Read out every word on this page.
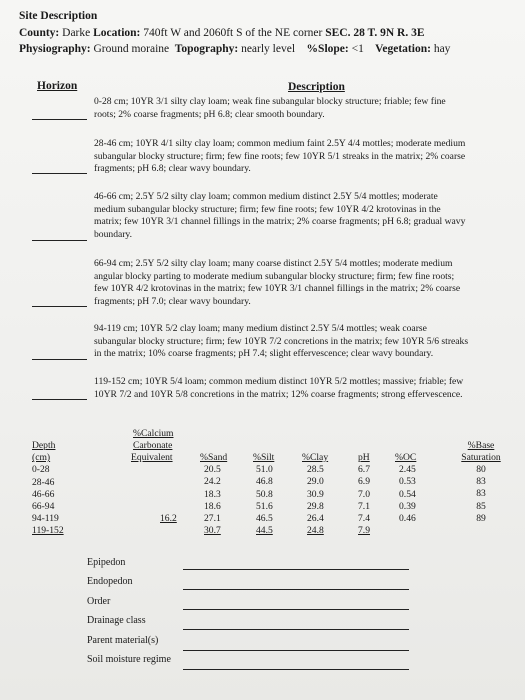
Site Description
County: Darke Location: 740ft W and 2060ft S of the NE corner SEC. 28 T. 9N R. 3E
Physiography: Ground moraine Topography: nearly level %Slope: <1 Vegetation: hay
Horizon	Description
0-28 cm; 10YR 3/1 silty clay loam; weak fine subangular blocky structure; friable; few fine
roots; 2% coarse fragments; pH 6.8; clear smooth boundary.
28-46 cm; 10YR 4/1 silty clay loam; common medium faint 2.5Y 4/4 mottles; moderate medium
subangular blocky structure; firm; few fine roots; few 10YR 5/1 streaks in the matrix; 2% coarse
fragments; pH 6.8; clear wavy boundary.
46-66 cm; 2.5Y 5/2 silty clay loam; common medium distinct 2.5Y 5/4 mottles; moderate
medium subangular blocky structure; firm; few fine roots; few 10YR 4/2 krotovinas in the
matrix; few 10YR 3/1 channel fillings in the matrix; 2% coarse fragments; pH 6.8; gradual wavy
boundary.
66-94 cm; 2.5Y 5/2 silty clay loam; many coarse distinct 2.5Y 5/4 mottles; moderate medium
angular blocky parting to moderate medium subangular blocky structure; firm; few fine roots;
few 10YR 4/2 krotovinas in the matrix; few 10YR 3/1 channel fillings in the matrix; 2% coarse
fragments; pH 7.0; clear wavy boundary.
94-119 cm; 10YR 5/2 clay loam; many medium distinct 2.5Y 5/4 mottles; weak coarse
subangular blocky structure; firm; few 10YR 7/2 concretions in the matrix; few 10YR 5/6 streaks
in the matrix; 10% coarse fragments; pH 7.4; slight effervescence; clear wavy boundary.
119-152 cm; 10YR 5/4 loam; common medium distinct 10YR 5/2 mottles; massive; friable; few
10YR 7/2 and 10YR 5/8 concretions in the matrix; 12% coarse fragments; strong effervescence.
%Calcium
Carbonate
Equivalent
%Base
Saturation
Depth
(cm)
0-28
28-46
46-66
66-94
94-119
119-152
16.2
%Sand
20.5
24.2
18.3
18.6
27.1
30.7
%Silt
51.0
46.8
50.8
51.6
46.5
44.5
%Clay
28.5
29.0
30.9
29.8
26.4
24.8
pH
6.7
6.9
7.0
7.1
7.4
7.9
%OC
2.45
0.53
0.54
0.39
0.46
80
83
83
85
89
Epipedon
Endopedon
Order
Drainage class
Parent material(s)
Soil moisture regime
